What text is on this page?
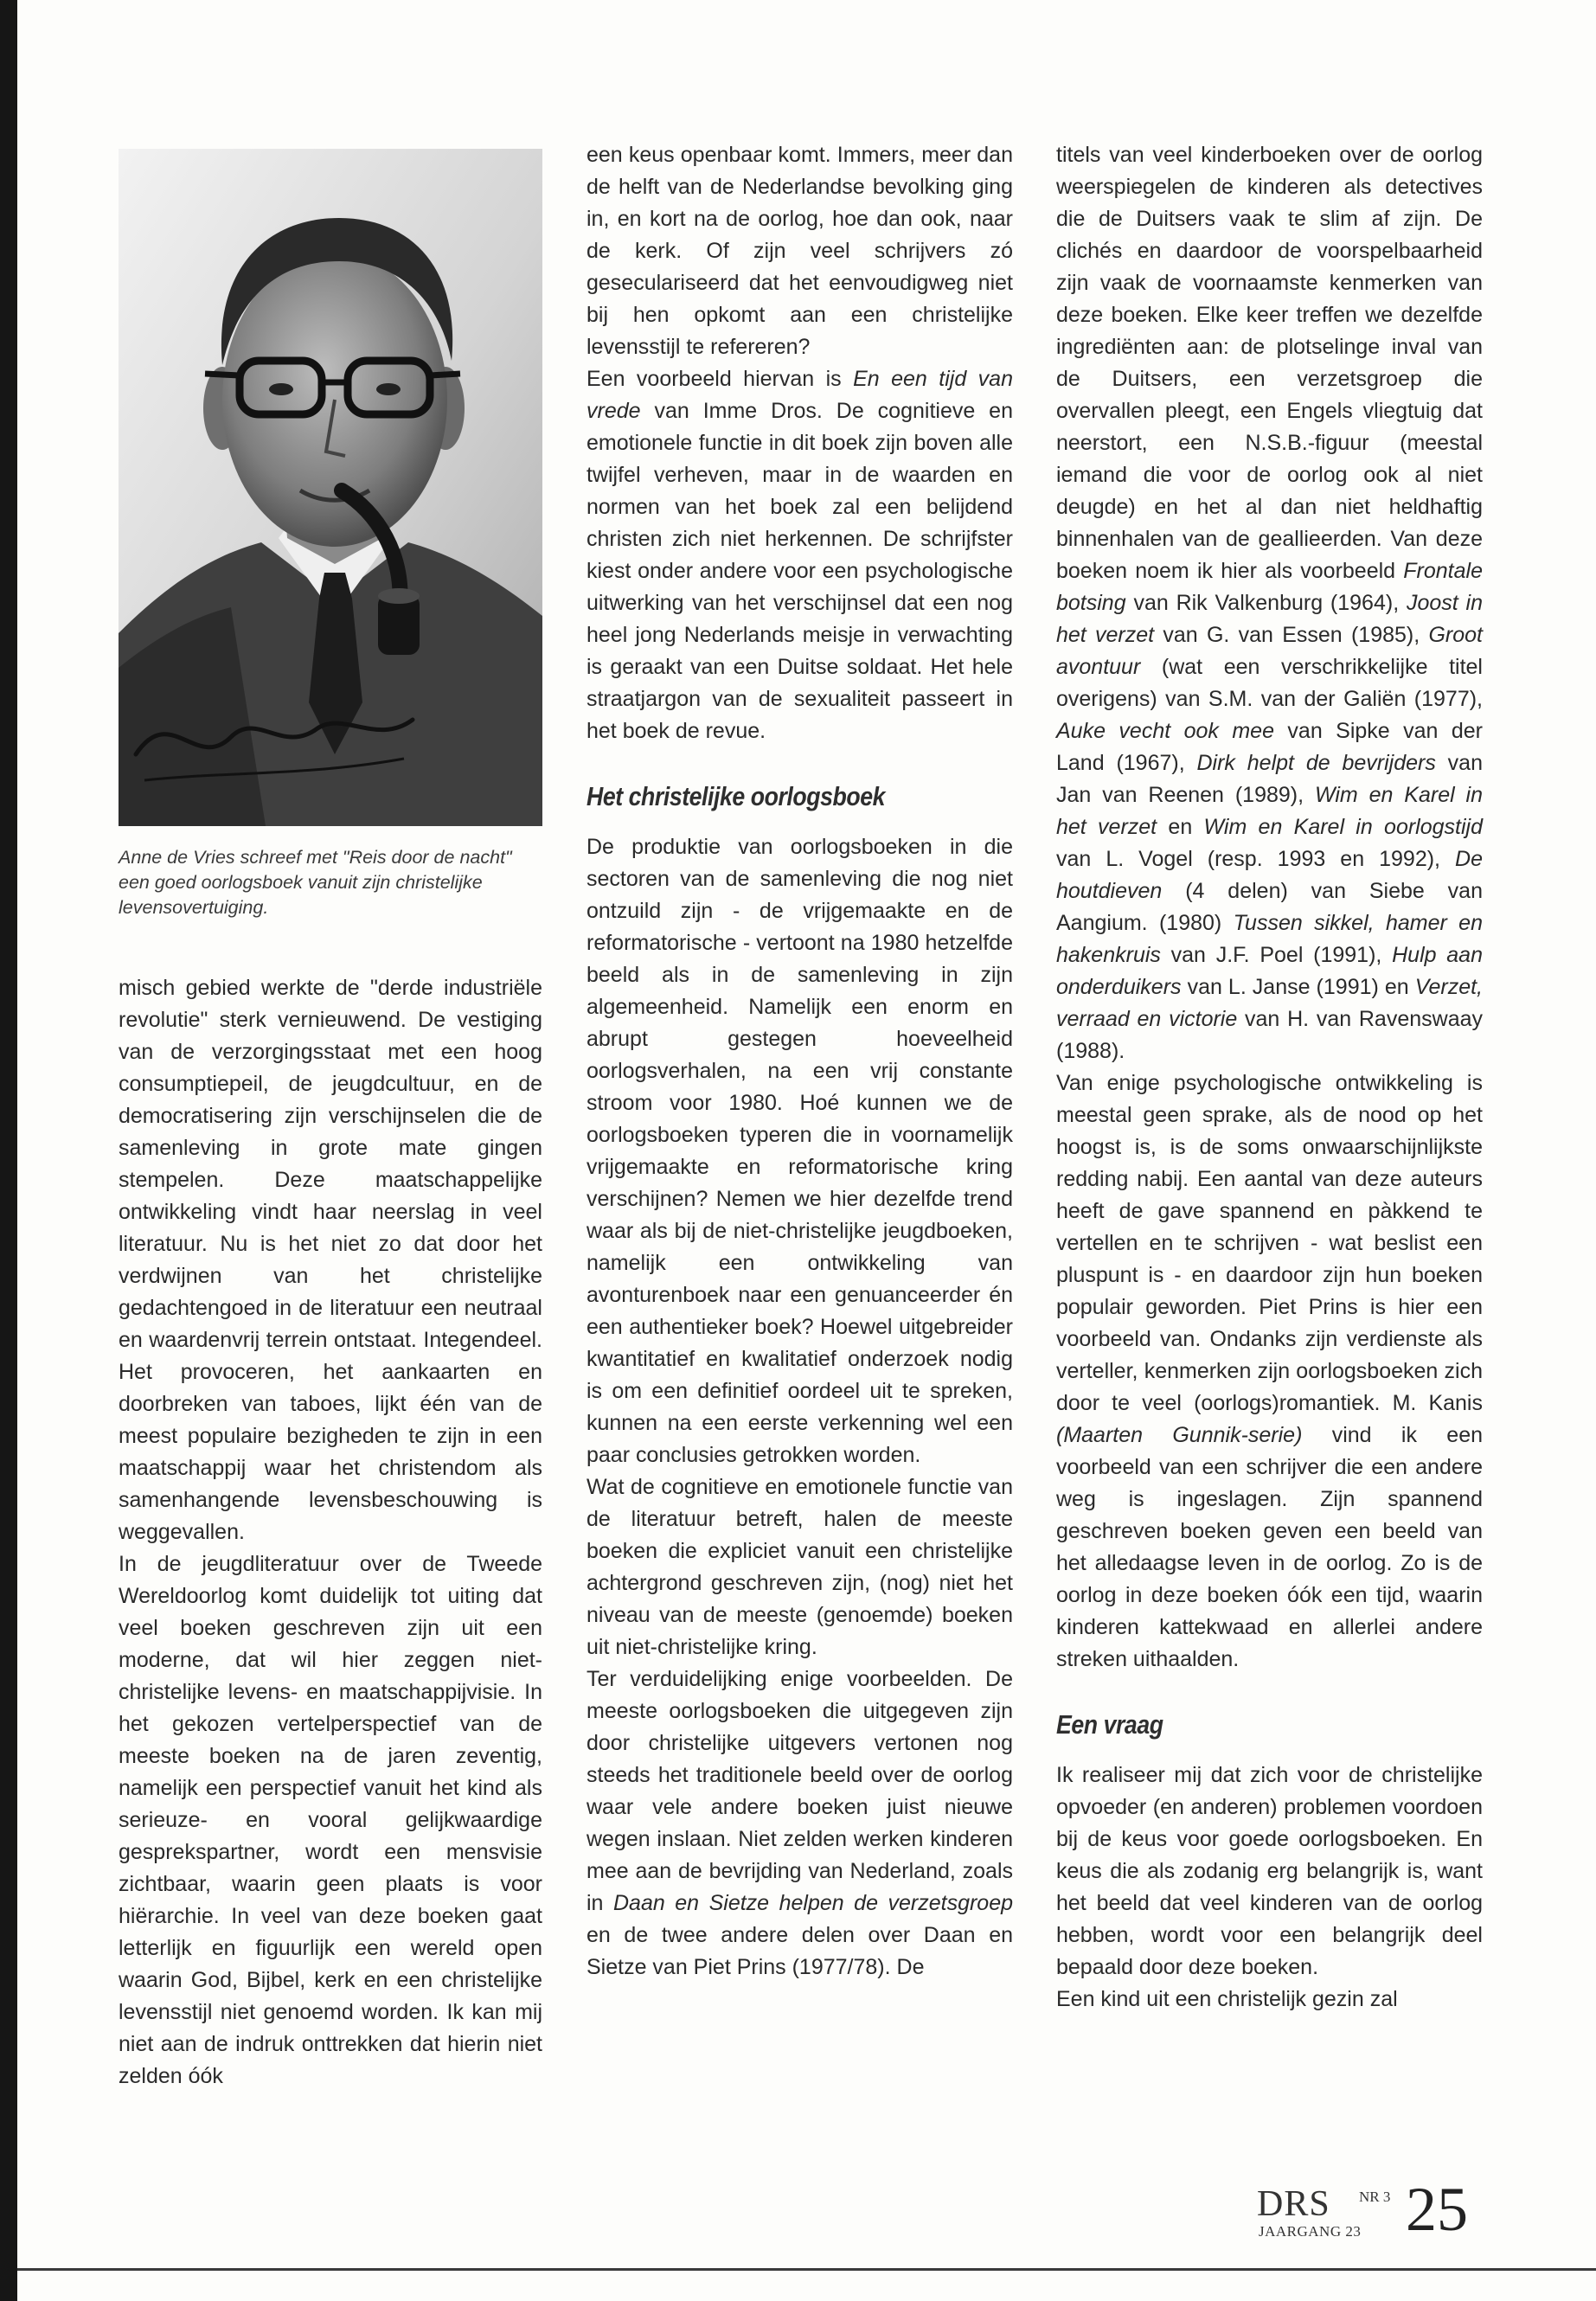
Anne de Vries schreef met "Reis door de nacht" een goed oorlogsboek vanuit zijn christelijke levensovertuiging.

misch gebied werkte de "derde industriële revolutie" sterk vernieuwend. De vestiging van de verzorgingsstaat met een hoog consumptiepeil, de jeugdcultuur, en de democratisering zijn verschijnselen die de samenleving in grote mate gingen stempelen. Deze maatschappelijke ontwikkeling vindt haar neerslag in veel literatuur. Nu is het niet zo dat door het verdwijnen van het christelijke gedachtengoed in de literatuur een neutraal en waardenvrij terrein ontstaat. Integendeel. Het provoceren, het aankaarten en doorbreken van taboes, lijkt één van de meest populaire bezigheden te zijn in een maatschappij waar het christendom als samenhangende levensbeschouwing is weggevallen.

In de jeugdliteratuur over de Tweede Wereldoorlog komt duidelijk tot uiting dat veel boeken geschreven zijn uit een moderne, dat wil hier zeggen niet-christelijke levens- en maatschappijvisie. In het gekozen vertelperspectief van de meeste boeken na de jaren zeventig, namelijk een perspectief vanuit het kind als serieuze- en vooral gelijkwaardige gesprekspartner, wordt een mensvisie zichtbaar, waarin geen plaats is voor hiërarchie. In veel van deze boeken gaat letterlijk en figuurlijk een wereld open waarin God, Bijbel, kerk en een christelijke levensstijl niet genoemd worden. Ik kan mij niet aan de indruk onttrekken dat hierin niet zelden óók

een keus openbaar komt. Immers, meer dan de helft van de Nederlandse bevolking ging in, en kort na de oorlog, hoe dan ook, naar de kerk. Of zijn veel schrijvers zó geseculariseerd dat het eenvoudigweg niet bij hen opkomt aan een christelijke levensstijl te refereren?

Een voorbeeld hiervan is En een tijd van vrede van Imme Dros. De cognitieve en emotionele functie in dit boek zijn boven alle twijfel verheven, maar in de waarden en normen van het boek zal een belijdend christen zich niet herkennen. De schrijfster kiest onder andere voor een psychologische uitwerking van het verschijnsel dat een nog heel jong Nederlands meisje in verwachting is geraakt van een Duitse soldaat. Het hele straatjargon van de sexualiteit passeert in het boek de revue.

Het christelijke oorlogsboek

De produktie van oorlogsboeken in die sectoren van de samenleving die nog niet ontzuild zijn - de vrijgemaakte en de reformatorische - vertoont na 1980 hetzelfde beeld als in de samenleving in zijn algemeenheid. Namelijk een enorm en abrupt gestegen hoeveelheid oorlogsverhalen, na een vrij constante stroom voor 1980. Hoé kunnen we de oorlogsboeken typeren die in voornamelijk vrijgemaakte en reformatorische kring verschijnen? Nemen we hier dezelfde trend waar als bij de niet-christelijke jeugdboeken, namelijk een ontwikkeling van avonturenboek naar een genuanceerder én een authentieker boek? Hoewel uitgebreider kwantitatief en kwalitatief onderzoek nodig is om een definitief oordeel uit te spreken, kunnen na een eerste verkenning wel een paar conclusies getrokken worden.

Wat de cognitieve en emotionele functie van de literatuur betreft, halen de meeste boeken die expliciet vanuit een christelijke achtergrond geschreven zijn, (nog) niet het niveau van de meeste (genoemde) boeken uit niet-christelijke kring.

Ter verduidelijking enige voorbeelden. De meeste oorlogsboeken die uitgegeven zijn door christelijke uitgevers vertonen nog steeds het traditionele beeld over de oorlog waar vele andere boeken juist nieuwe wegen inslaan. Niet zelden werken kinderen mee aan de bevrijding van Nederland, zoals in Daan en Sietze helpen de verzetsgroep en de twee andere delen over Daan en Sietze van Piet Prins (1977/78). De

titels van veel kinderboeken over de oorlog weerspiegelen de kinderen als detectives die de Duitsers vaak te slim af zijn. De clichés en daardoor de voorspelbaarheid zijn vaak de voornaamste kenmerken van deze boeken. Elke keer treffen we dezelfde ingrediënten aan: de plotselinge inval van de Duitsers, een verzetsgroep die overvallen pleegt, een Engels vliegtuig dat neerstort, een N.S.B.-figuur (meestal iemand die voor de oorlog ook al niet deugde) en het al dan niet heldhaftig binnenhalen van de geallieerden. Van deze boeken noem ik hier als voorbeeld Frontale botsing van Rik Valkenburg (1964), Joost in het verzet van G. van Essen (1985), Groot avontuur (wat een verschrikkelijke titel overigens) van S.M. van der Galiën (1977), Auke vecht ook mee van Sipke van der Land (1967), Dirk helpt de bevrijders van Jan van Reenen (1989), Wim en Karel in het verzet en Wim en Karel in oorlogstijd van L. Vogel (resp. 1993 en 1992), De houtdieven (4 delen) van Siebe van Aangium. (1980) Tussen sikkel, hamer en hakenkruis van J.F. Poel (1991), Hulp aan onderduikers van L. Janse (1991) en Verzet, verraad en victorie van H. van Ravenswaay (1988).

Van enige psychologische ontwikkeling is meestal geen sprake, als de nood op het hoogst is, is de soms onwaarschijnlijkste redding nabij. Een aantal van deze auteurs heeft de gave spannend en pàkkend te vertellen en te schrijven - wat beslist een pluspunt is - en daardoor zijn hun boeken populair geworden. Piet Prins is hier een voorbeeld van. Ondanks zijn verdienste als verteller, kenmerken zijn oorlogsboeken zich door te veel (oorlogs)romantiek. M. Kanis (Maarten Gunnik-serie) vind ik een voorbeeld van een schrijver die een andere weg is ingeslagen. Zijn spannend geschreven boeken geven een beeld van het alledaagse leven in de oorlog. Zo is de oorlog in deze boeken óók een tijd, waarin kinderen kattekwaad en allerlei andere streken uithaalden.

Een vraag

Ik realiseer mij dat zich voor de christelijke opvoeder (en anderen) problemen voordoen bij de keus voor goede oorlogsboeken. En keus die als zodanig erg belangrijk is, want het beeld dat veel kinderen van de oorlog hebben, wordt voor een belangrijk deel bepaald door deze boeken.

Een kind uit een christelijk gezin zal

DRS NR 3
JAARGANG 23 25
